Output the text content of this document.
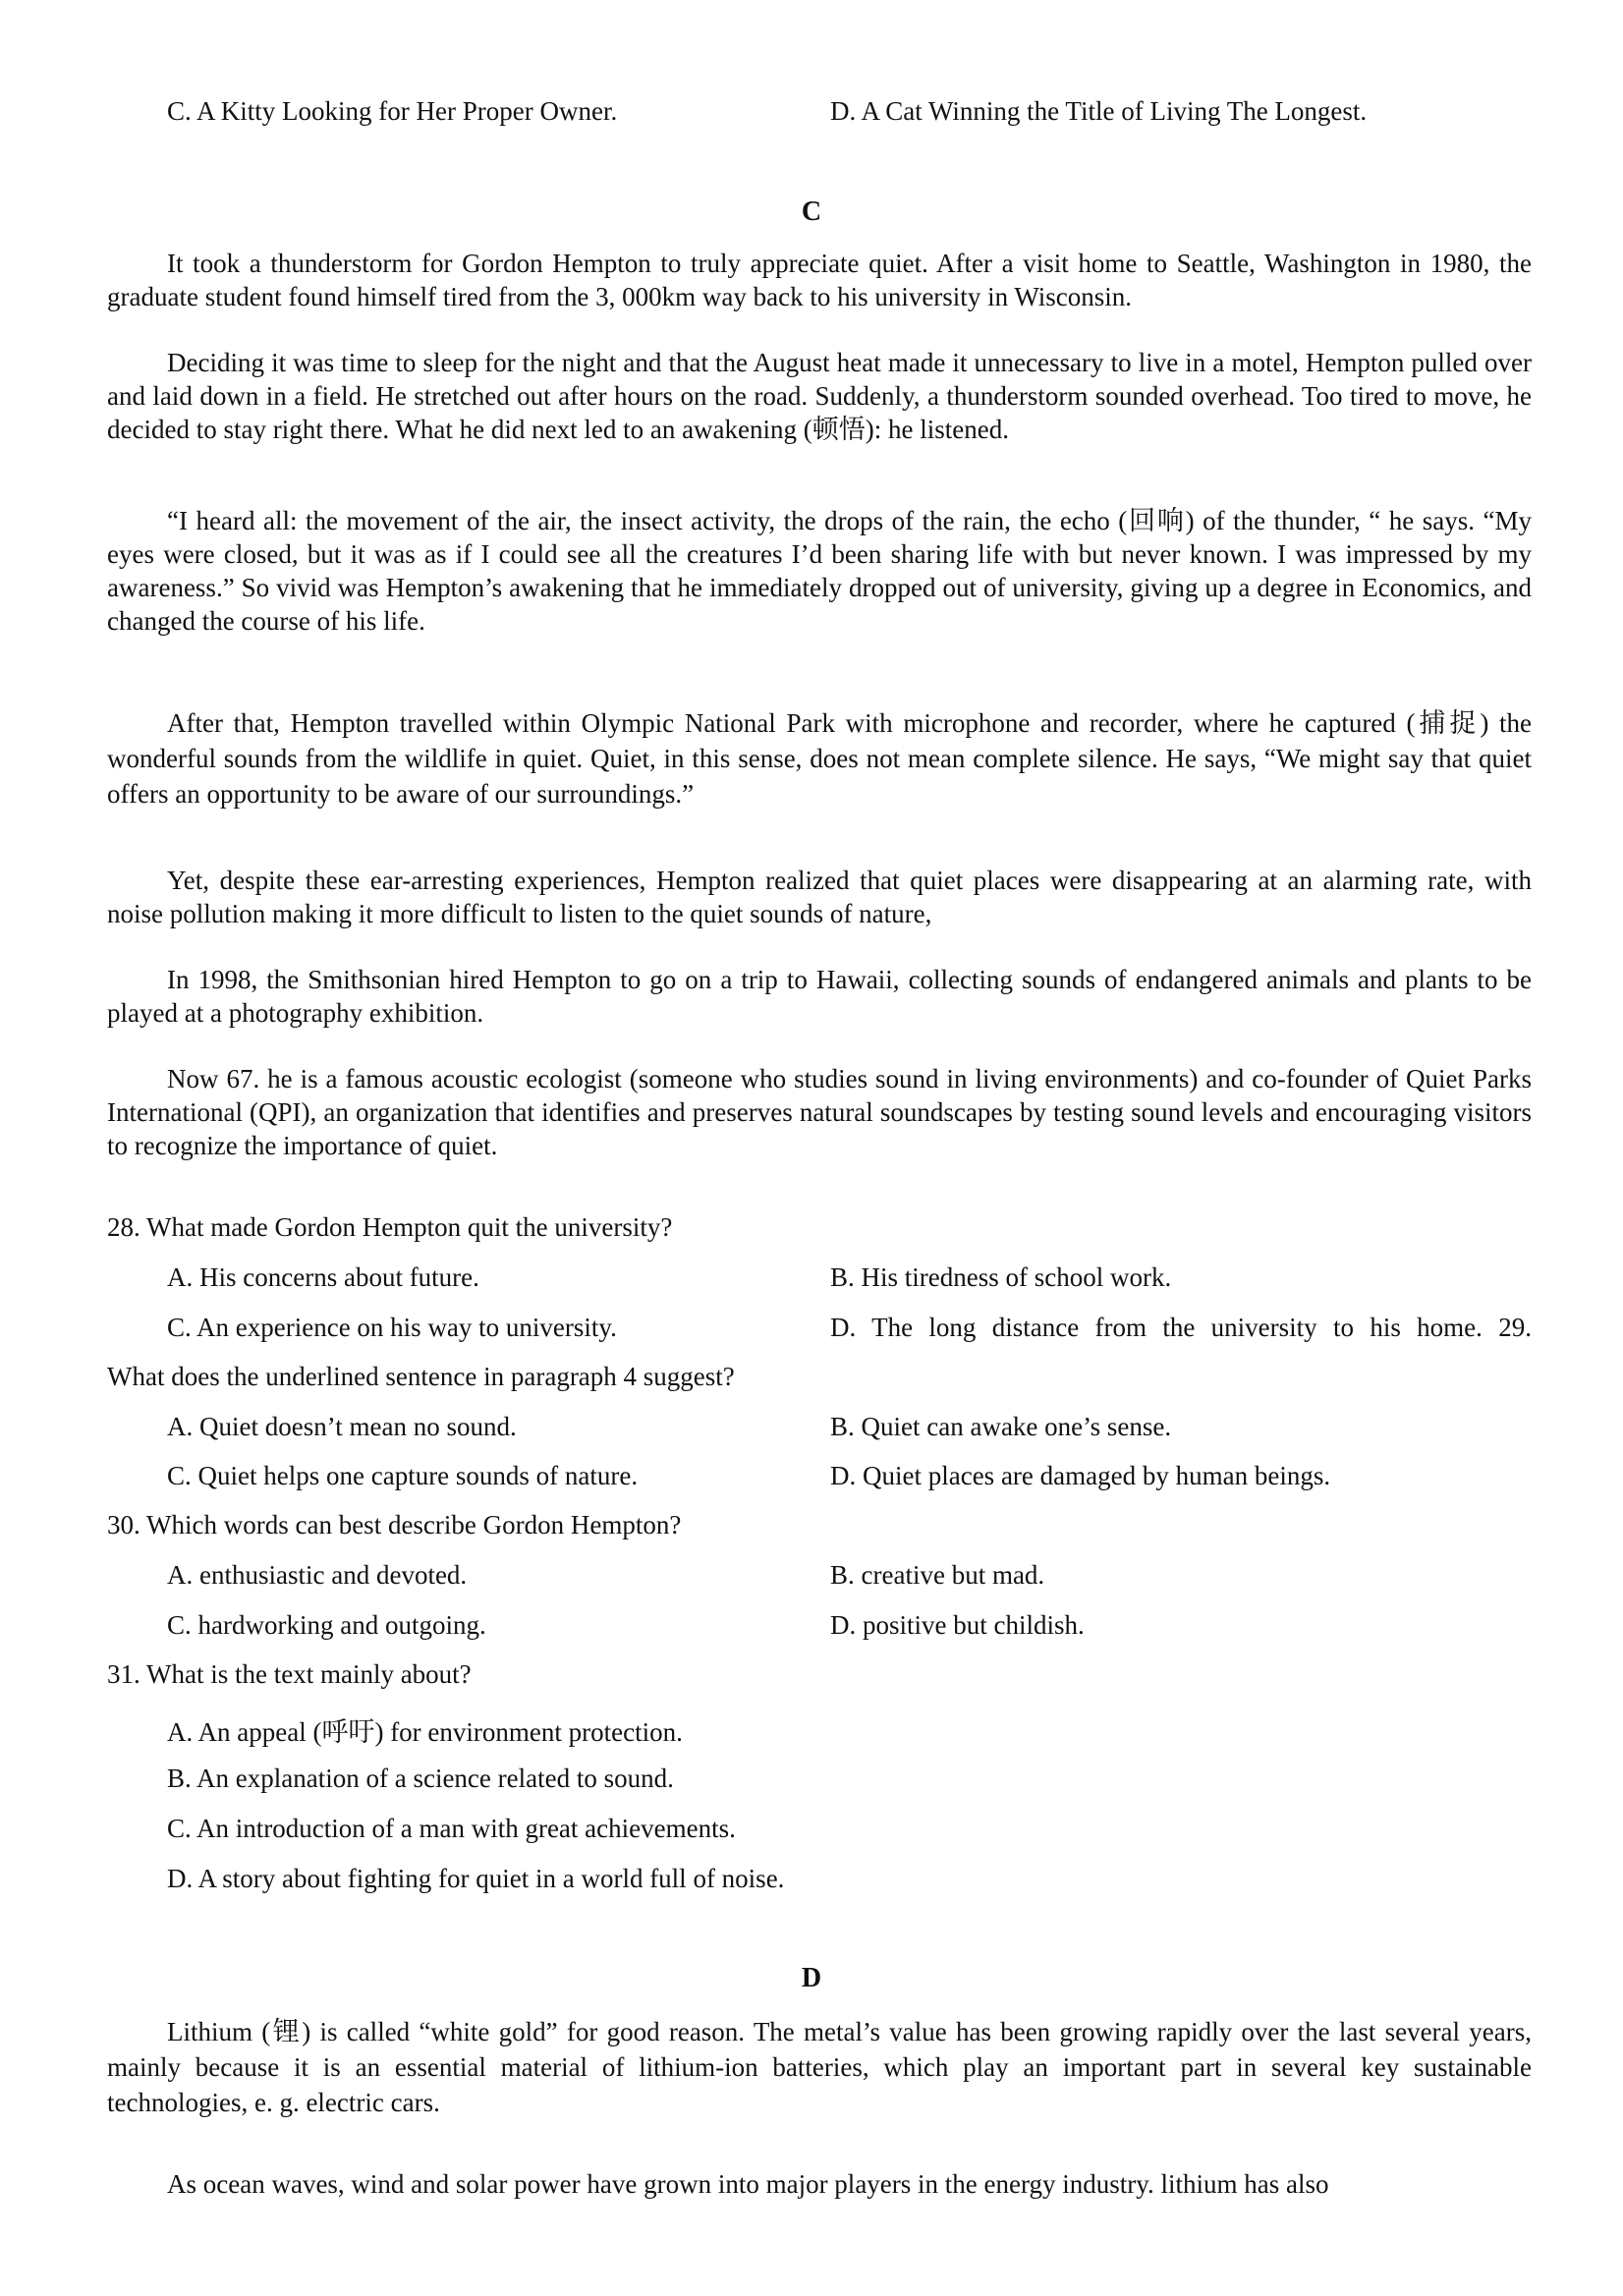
C. A Kitty Looking for Her Proper Owner.	D. A Cat Winning the Title of Living The Longest.
C
It took a thunderstorm for Gordon Hempton to truly appreciate quiet. After a visit home to Seattle, Washington in 1980, the graduate student found himself tired from the 3, 000km way back to his university in Wisconsin.
Deciding it was time to sleep for the night and that the August heat made it unnecessary to live in a motel, Hempton pulled over and laid down in a field. He stretched out after hours on the road. Suddenly, a thunderstorm sounded overhead. Too tired to move, he decided to stay right there. What he did next led to an awakening (顿悟): he listened.
“I heard all: the movement of the air, the insect activity, the drops of the rain, the echo (回响) of the thunder, “ he says. “My eyes were closed, but it was as if I could see all the creatures I’d been sharing life with but never known. I was impressed by my awareness.” So vivid was Hempton’s awakening that he immediately dropped out of university, giving up a degree in Economics, and changed the course of his life.
After that, Hempton travelled within Olympic National Park with microphone and recorder, where he captured (捕捉) the wonderful sounds from the wildlife in quiet. Quiet, in this sense, does not mean complete silence. He says, “We might say that quiet offers an opportunity to be aware of our surroundings.”
Yet, despite these ear-arresting experiences, Hempton realized that quiet places were disappearing at an alarming rate, with noise pollution making it more difficult to listen to the quiet sounds of nature,
In 1998, the Smithsonian hired Hempton to go on a trip to Hawaii, collecting sounds of endangered animals and plants to be played at a photography exhibition.
Now 67. he is a famous acoustic ecologist (someone who studies sound in living environments) and co-founder of Quiet Parks International (QPI), an organization that identifies and preserves natural soundscapes by testing sound levels and encouraging visitors to recognize the importance of quiet.
28. What made Gordon Hempton quit the university?
A. His concerns about future.	B. His tiredness of school work.
C. An experience on his way to university.	D. The long distance from the university to his home. 29.
What does the underlined sentence in paragraph 4 suggest?
A. Quiet doesn’t mean no sound.	B. Quiet can awake one’s sense.
C. Quiet helps one capture sounds of nature.	D. Quiet places are damaged by human beings.
30. Which words can best describe Gordon Hempton?
A. enthusiastic and devoted.	B. creative but mad.
C. hardworking and outgoing.	D. positive but childish.
31. What is the text mainly about?
A. An appeal (呼吁) for environment protection.
B. An explanation of a science related to sound.
C. An introduction of a man with great achievements.
D. A story about fighting for quiet in a world full of noise.
D
Lithium (锂) is called “white gold” for good reason. The metal’s value has been growing rapidly over the last several years, mainly because it is an essential material of lithium-ion batteries, which play an important part in several key sustainable technologies, e. g. electric cars.
As ocean waves, wind and solar power have grown into major players in the energy industry. lithium has also
